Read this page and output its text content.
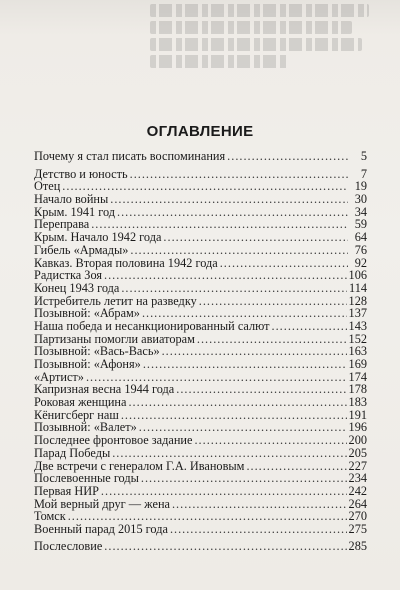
ОГЛАВЛЕНИЕ
Почему я стал писать воспоминания .....	5
Детство и юность .....	7
Отец .....	19
Начало войны .....	30
Крым. 1941 год .....	34
Переправа .....	59
Крым. Начало 1942 года .....	64
Гибель «Армады» .....	76
Кавказ. Вторая половина 1942 года .....	92
Радистка Зоя .....	106
Конец 1943 года .....	114
Истребитель летит на разведку .....	128
Позывной: «Абрам» .....	137
Наша победа и несанкционированный салют .....	143
Партизаны помогли авиаторам .....	152
Позывной: «Вась-Вась» .....	163
Позывной: «Афоня» .....	169
«Артист» .....	174
Капризная весна 1944 года .....	178
Роковая женщина .....	183
Кёнигсберг наш .....	191
Позывной: «Валет» .....	196
Последнее фронтовое задание .....	200
Парад Победы .....	205
Две встречи с генералом Г.А. Ивановым .....	227
Послевоенные годы .....	234
Первая НИР .....	242
Мой верный друг — жена .....	264
Томск .....	270
Военный парад 2015 года .....	275
Послесловие .....	285
